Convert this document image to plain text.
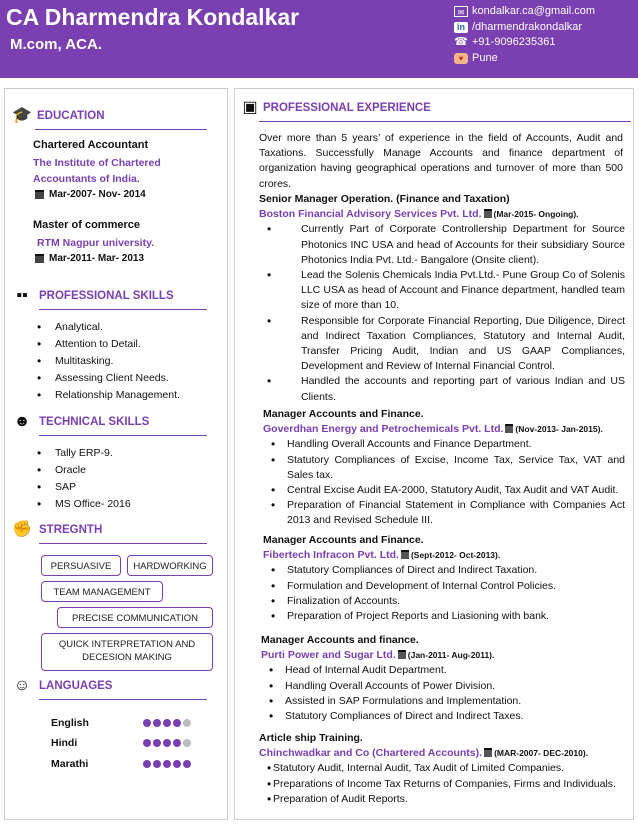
CA Dharmendra Kondalkar
M.com, ACA.
✉ kondalkar.ca@gmail.com
in /dharmendrakondalkar
☎ +91-9096235361
♥ Pune
🎓 EDUCATION
Chartered Accountant
The Institute of Chartered Accountants of India.
Mar-2007- Nov- 2014
Master of commerce
RTM Nagpur university.
Mar-2011- Mar- 2013
▪▪ PROFESSIONAL SKILLS
• Analytical.
• Attention to Detail.
• Multitasking.
• Assessing Client Needs.
• Relationship Management.
☻ TECHNICAL SKILLS
• Tally ERP-9.
• Oracle
• SAP
• MS Office- 2016
✊ STREGNTH
PERSUASIVE	HARDWORKING
TEAM MANAGEMENT
PRECISE COMMUNICATION
QUICK INTERPRETATION AND DECESION MAKING
☺ LANGUAGES
English
Hindi
Marathi
▣ PROFESSIONAL EXPERIENCE
Over more than 5 years’ of experience in the field of Accounts, Audit and Taxations. Successfully Manage Accounts and finance department of organization having geographical operations and turnover of more than 500 crores.
Senior Manager Operation. (Finance and Taxation)
Boston Financial Advisory Services Pvt. Ltd. (Mar-2015- Ongoing).
• Currently Part of Corporate Controllership Department for Source Photonics INC USA and head of Accounts for their subsidiary Source Photonics India Pvt. Ltd.- Bangalore (Onsite client).
• Lead the Solenis Chemicals India Pvt.Ltd.- Pune Group Co of Solenis LLC USA as head of Account and Finance department, handled team size of more than 10.
• Responsible for Corporate Financial Reporting, Due Diligence, Direct and Indirect Taxation Compliances, Statutory and Internal Audit, Transfer Pricing Audit, Indian and US GAAP Compliances, Development and Review of Internal Financial Control.
• Handled the accounts and reporting part of various Indian and US Clients.
Manager Accounts and Finance.
Goverdhan Energy and Petrochemicals Pvt. Ltd. (Nov-2013- Jan-2015).
• Handling Overall Accounts and Finance Department.
• Statutory Compliances of Excise, Income Tax, Service Tax, VAT and Sales tax.
• Central Excise Audit EA-2000, Statutory Audit, Tax Audit and VAT Audit.
• Preparation of Financial Statement in Compliance with Companies Act 2013 and Revised Schedule III.
Manager Accounts and Finance.
Fibertech Infracon Pvt. Ltd. (Sept-2012- Oct-2013).
• Statutory Compliances of Direct and Indirect Taxation.
• Formulation and Development of Internal Control Policies.
• Finalization of Accounts.
• Preparation of Project Reports and Liasioning with bank.
Manager Accounts and finance.
Purti Power and Sugar Ltd. (Jan-2011- Aug-2011).
• Head of Internal Audit Department.
• Handling Overall Accounts of Power Division.
• Assisted in SAP Formulations and Implementation.
• Statutory Compliances of Direct and Indirect Taxes.
Article ship Training.
Chinchwadkar and Co (Chartered Accounts). (MAR-2007- DEC-2010).
• Statutory Audit, Internal Audit, Tax Audit of Limited Companies.
• Preparations of Income Tax Returns of Companies, Firms and Individuals.
• Preparation of Audit Reports.
